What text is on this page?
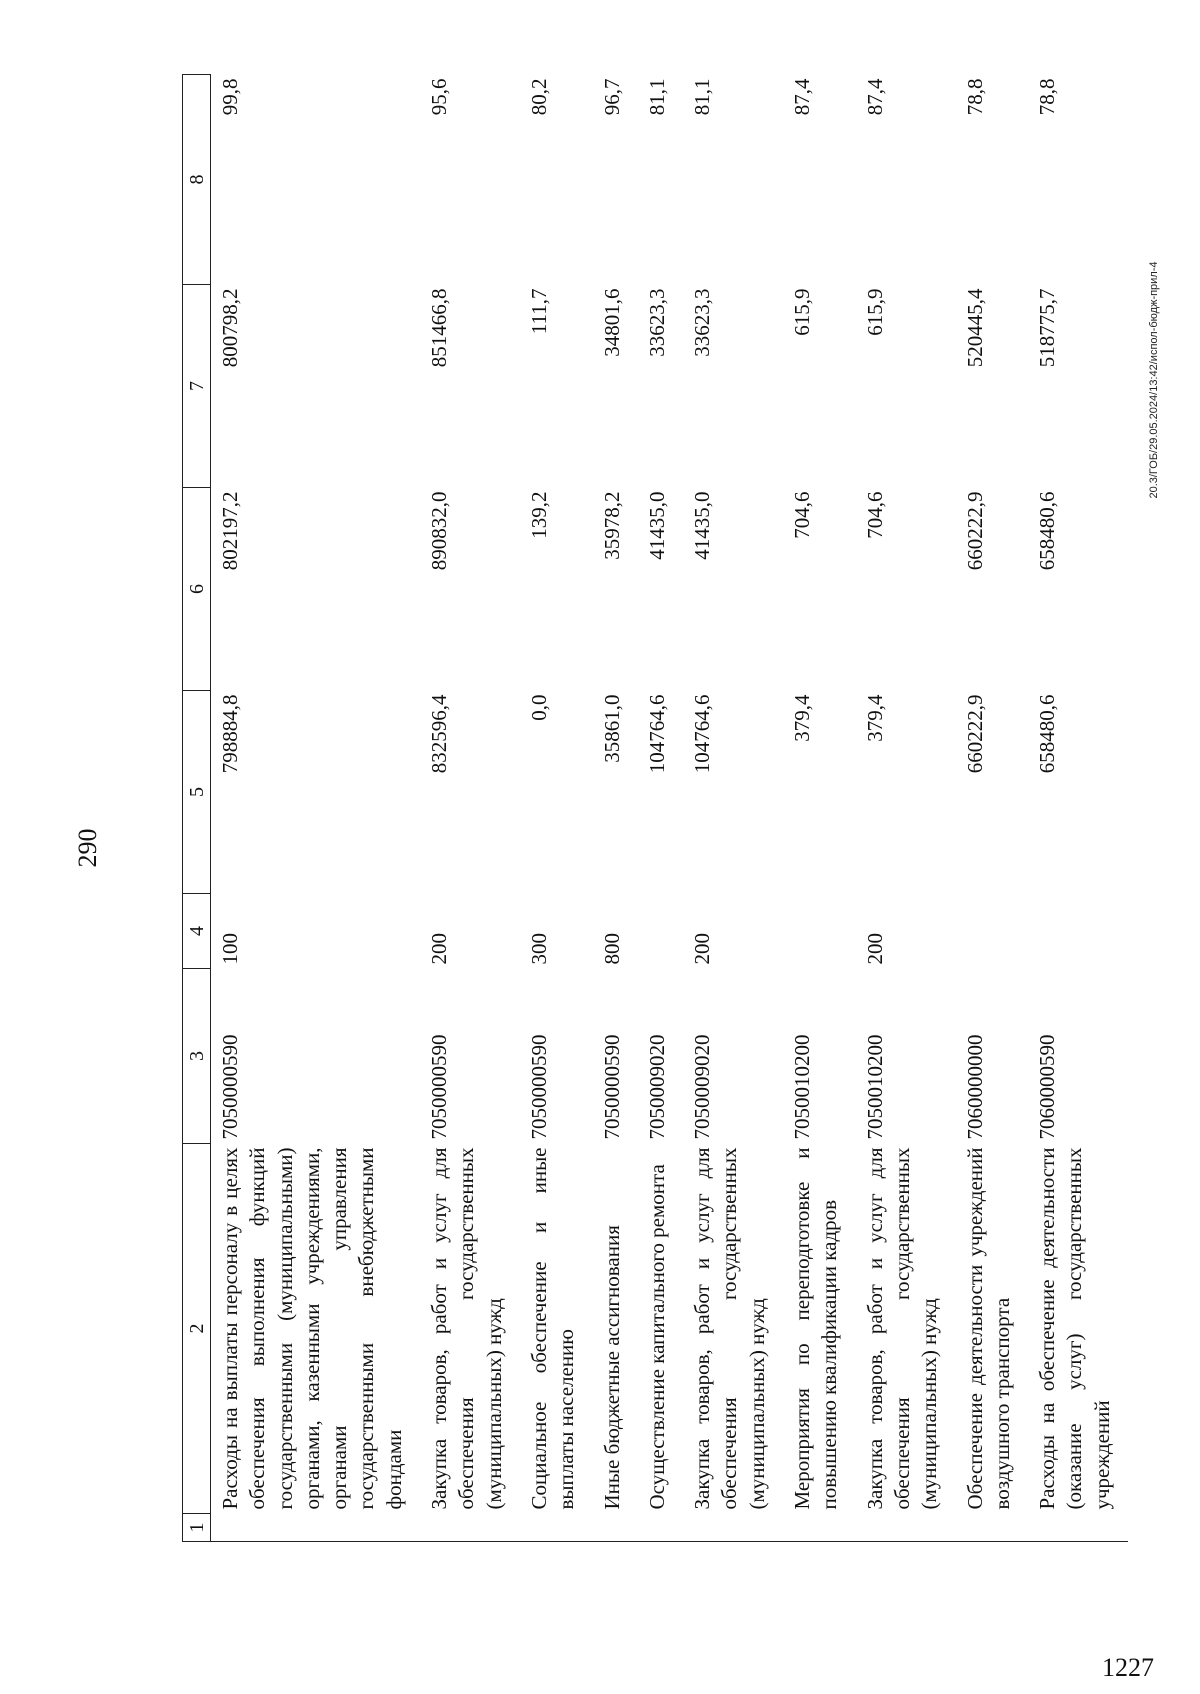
290
1	2	3	4	5	6	7	8
	Расходы на выплаты персоналу в целях обеспечения выполнения функций государственными (муниципальными) органами, казенными учреждениями, органами управления государственными внебюджетными фондами	7050000590	100	798884,8	802197,2	800798,2	99,8
	Закупка товаров, работ и услуг для обеспечения государственных (муниципальных) нужд	7050000590	200	832596,4	890832,0	851466,8	95,6
	Социальное обеспечение и иные выплаты населению	7050000590	300	0,0	139,2	111,7	80,2
	Иные бюджетные ассигнования	7050000590	800	35861,0	35978,2	34801,6	96,7
	Осуществление капитального ремонта	7050009020		104764,6	41435,0	33623,3	81,1
	Закупка товаров, работ и услуг для обеспечения государственных (муниципальных) нужд	7050009020	200	104764,6	41435,0	33623,3	81,1
	Мероприятия по переподготовке и повышению квалификации кадров	7050010200		379,4	704,6	615,9	87,4
	Закупка товаров, работ и услуг для обеспечения государственных (муниципальных) нужд	7050010200	200	379,4	704,6	615,9	87,4
	Обеспечение деятельности учреждений воздушного транспорта	7060000000		660222,9	660222,9	520445,4	78,8
	Расходы на обеспечение деятельности (оказание услуг) государственных учреждений	7060000590		658480,6	658480,6	518775,7	78,8
20.3/ГОБ/29.05.2024/13:42/испол-бюдж-прил-4
1227
